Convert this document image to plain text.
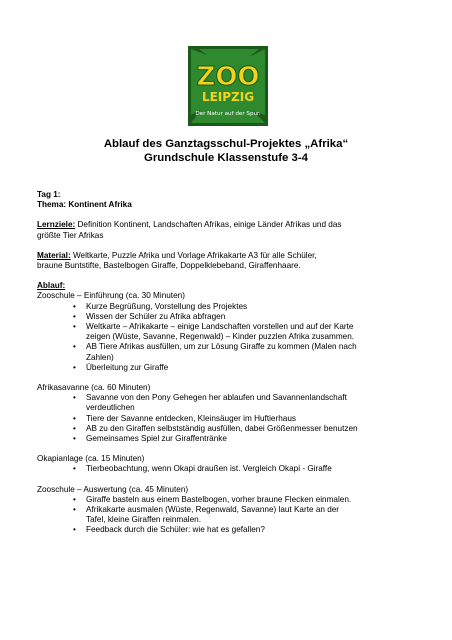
ZOO
LEIPZIG
Der Natur auf der Spur.
Ablauf des Ganztagsschul-Projektes „Afrika“
Grundschule Klassenstufe 3-4

Tag 1:

Thema: Kontinent Afrika

Lernziele: Definition Kontinent, Landschaften Afrikas, einige Länder Afrikas und das

größte Tier Afrikas

Material: Weltkarte, Puzzle Afrika und Vorlage Afrikakarte A3 für alle Schüler,

braune Buntstifte, Bastelbogen Giraffe, Doppelklebeband, Giraffenhaare.

Ablauf:

Zooschule – Einführung (ca. 30 Minuten)

• Kurze Begrüßung, Vorstellung des Projektes
• Wissen der Schüler zu Afrika abfragen
• Weltkarte – Afrikakarte – einige Landschaften vorstellen und auf der Karte
zeigen (Wüste, Savanne, Regenwald) – Kinder puzzlen Afrika zusammen.
• AB Tiere Afrikas ausfüllen, um zur Lösung Giraffe zu kommen (Malen nach
Zahlen)
• Überleitung zur Giraffe

Afrikasavanne (ca. 60 Minuten)

• Savanne von den Pony Gehegen her ablaufen und Savannenlandschaft
verdeutlichen
• Tiere der Savanne entdecken, Kleinsäuger im Huftierhaus
• AB zu den Giraffen selbstständig ausfüllen, dabei Größenmesser benutzen
• Gemeinsames Spiel zur Giraffentränke

Okapianlage (ca. 15 Minuten)

• Tierbeobachtung, wenn Okapi draußen ist. Vergleich Okapi - Giraffe

Zooschule – Auswertung (ca. 45 Minuten)

• Giraffe basteln aus einem Bastelbogen, vorher braune Flecken einmalen.
• Afrikakarte ausmalen (Wüste, Regenwald, Savanne) laut Karte an der
Tafel, kleine Giraffen reinmalen.
• Feedback durch die Schüler: wie hat es gefallen?
